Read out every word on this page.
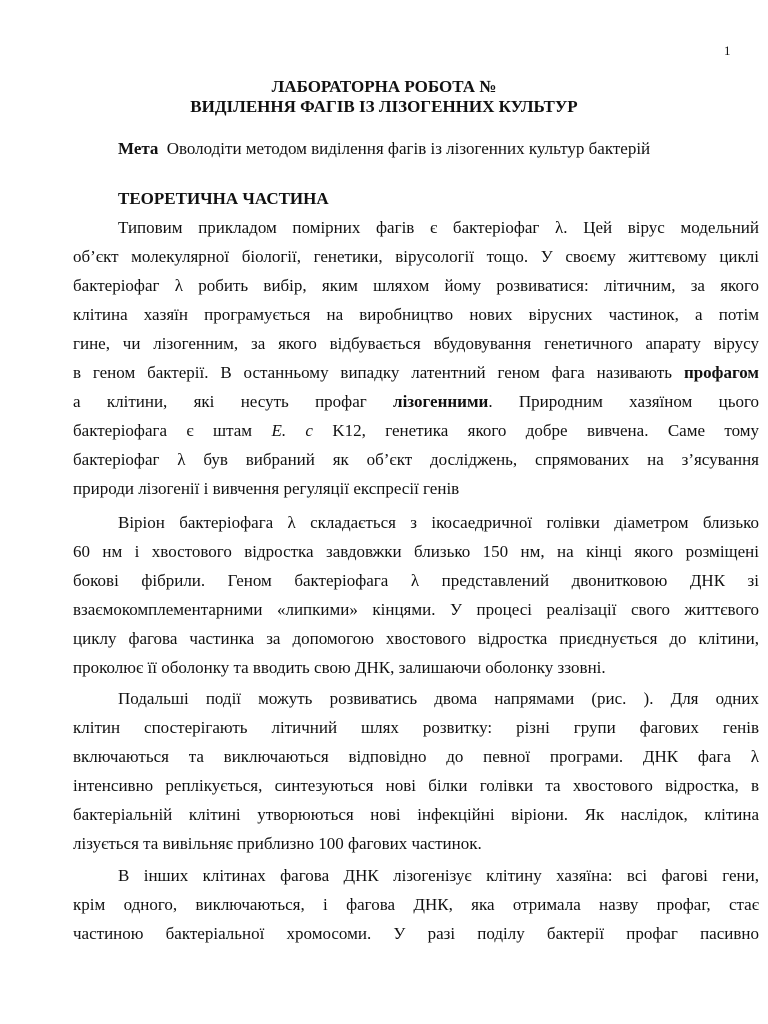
1
ЛАБОРАТОРНА РОБОТА №
ВИДІЛЕННЯ ФАГІВ ІЗ ЛІЗОГЕННИХ КУЛЬТУР

Мета Оволодіти методом виділення фагів із лізогенних культур бактерій

ТЕОРЕТИЧНА ЧАСТИНА
Типовим прикладом помірних фагів є бактеріофаг λ. Цей вірус модельний
об’єкт молекулярної біології, генетики, вірусології тощо. У своєму життєвому циклі
бактеріофаг λ робить вибір, яким шляхом йому розвиватися: літичним, за якого
клітина хазяїн програмується на виробництво нових вірусних частинок, а потім
гине, чи лізогенним, за якого відбувається вбудовування генетичного апарату вірусу
в геном бактерії. В останньому випадку латентний геном фага називають профагом
а клітини, які несуть профаг лізогенними. Природним хазяїном цього
бактеріофага є штам E. c K12, генетика якого добре вивчена. Саме тому
бактеріофаг λ був вибраний як об’єкт досліджень, спрямованих на з’ясування
природи лізогенії і вивчення регуляції експресії генів
Віріон бактеріофага λ складається з ікосаедричної голівки діаметром близько
60 нм і хвостового відростка завдовжки близько 150 нм, на кінці якого розміщені
бокові фібрили. Геном бактеріофага λ представлений двонитковою ДНК зі
взаємокомплементарними «липкими» кінцями. У процесі реалізації свого життєвого
циклу фагова частинка за допомогою хвостового відростка приєднується до клітини,
проколює її оболонку та вводить свою ДНК, залишаючи оболонку ззовні.
Подальші події можуть розвиватись двома напрямами (рис. ). Для одних
клітин спостерігають літичний шлях розвитку: різні групи фагових генів
включаються та виключаються відповідно до певної програми. ДНК фага λ
інтенсивно реплікується, синтезуються нові білки голівки та хвостового відростка, в
бактеріальній клітині утворюються нові інфекційні віріони. Як наслідок, клітина
лізується та вивільняє приблизно 100 фагових частинок.
В інших клітинах фагова ДНК лізогенізує клітину хазяїна: всі фагові гени,
крім одного, виключаються, і фагова ДНК, яка отримала назву профаг, стає
частиною бактеріальної хромосоми. У разі поділу бактерії профаг пасивно
